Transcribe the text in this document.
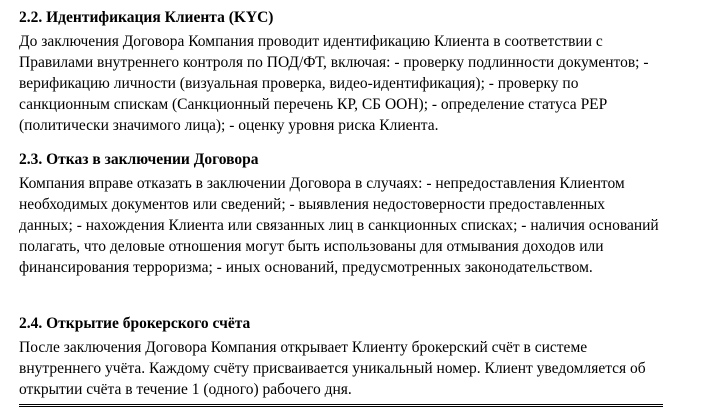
2.2. Идентификация Клиента (KYC)

До заключения Договора Компания проводит идентификацию Клиента в соответствии с Правилами внутреннего контроля по ПОД/ФТ, включая: - проверку подлинности документов; - верификацию личности (визуальная проверка, видео-идентификация); - проверку по санкционным спискам (Санкционный перечень КР, СБ ООН); - определение статуса PEP (политически значимого лица); - оценку уровня риска Клиента.

2.3. Отказ в заключении Договора

Компания вправе отказать в заключении Договора в случаях: - непредоставления Клиентом необходимых документов или сведений; - выявления недостоверности предоставленных данных; - нахождения Клиента или связанных лиц в санкционных списках; - наличия оснований полагать, что деловые отношения могут быть использованы для отмывания доходов или финансирования терроризма; - иных оснований, предусмотренных законодательством.

2.4. Открытие брокерского счёта

После заключения Договора Компания открывает Клиенту брокерский счёт в системе внутреннего учёта. Каждому счёту присваивается уникальный номер. Клиент уведомляется об открытии счёта в течение 1 (одного) рабочего дня.
